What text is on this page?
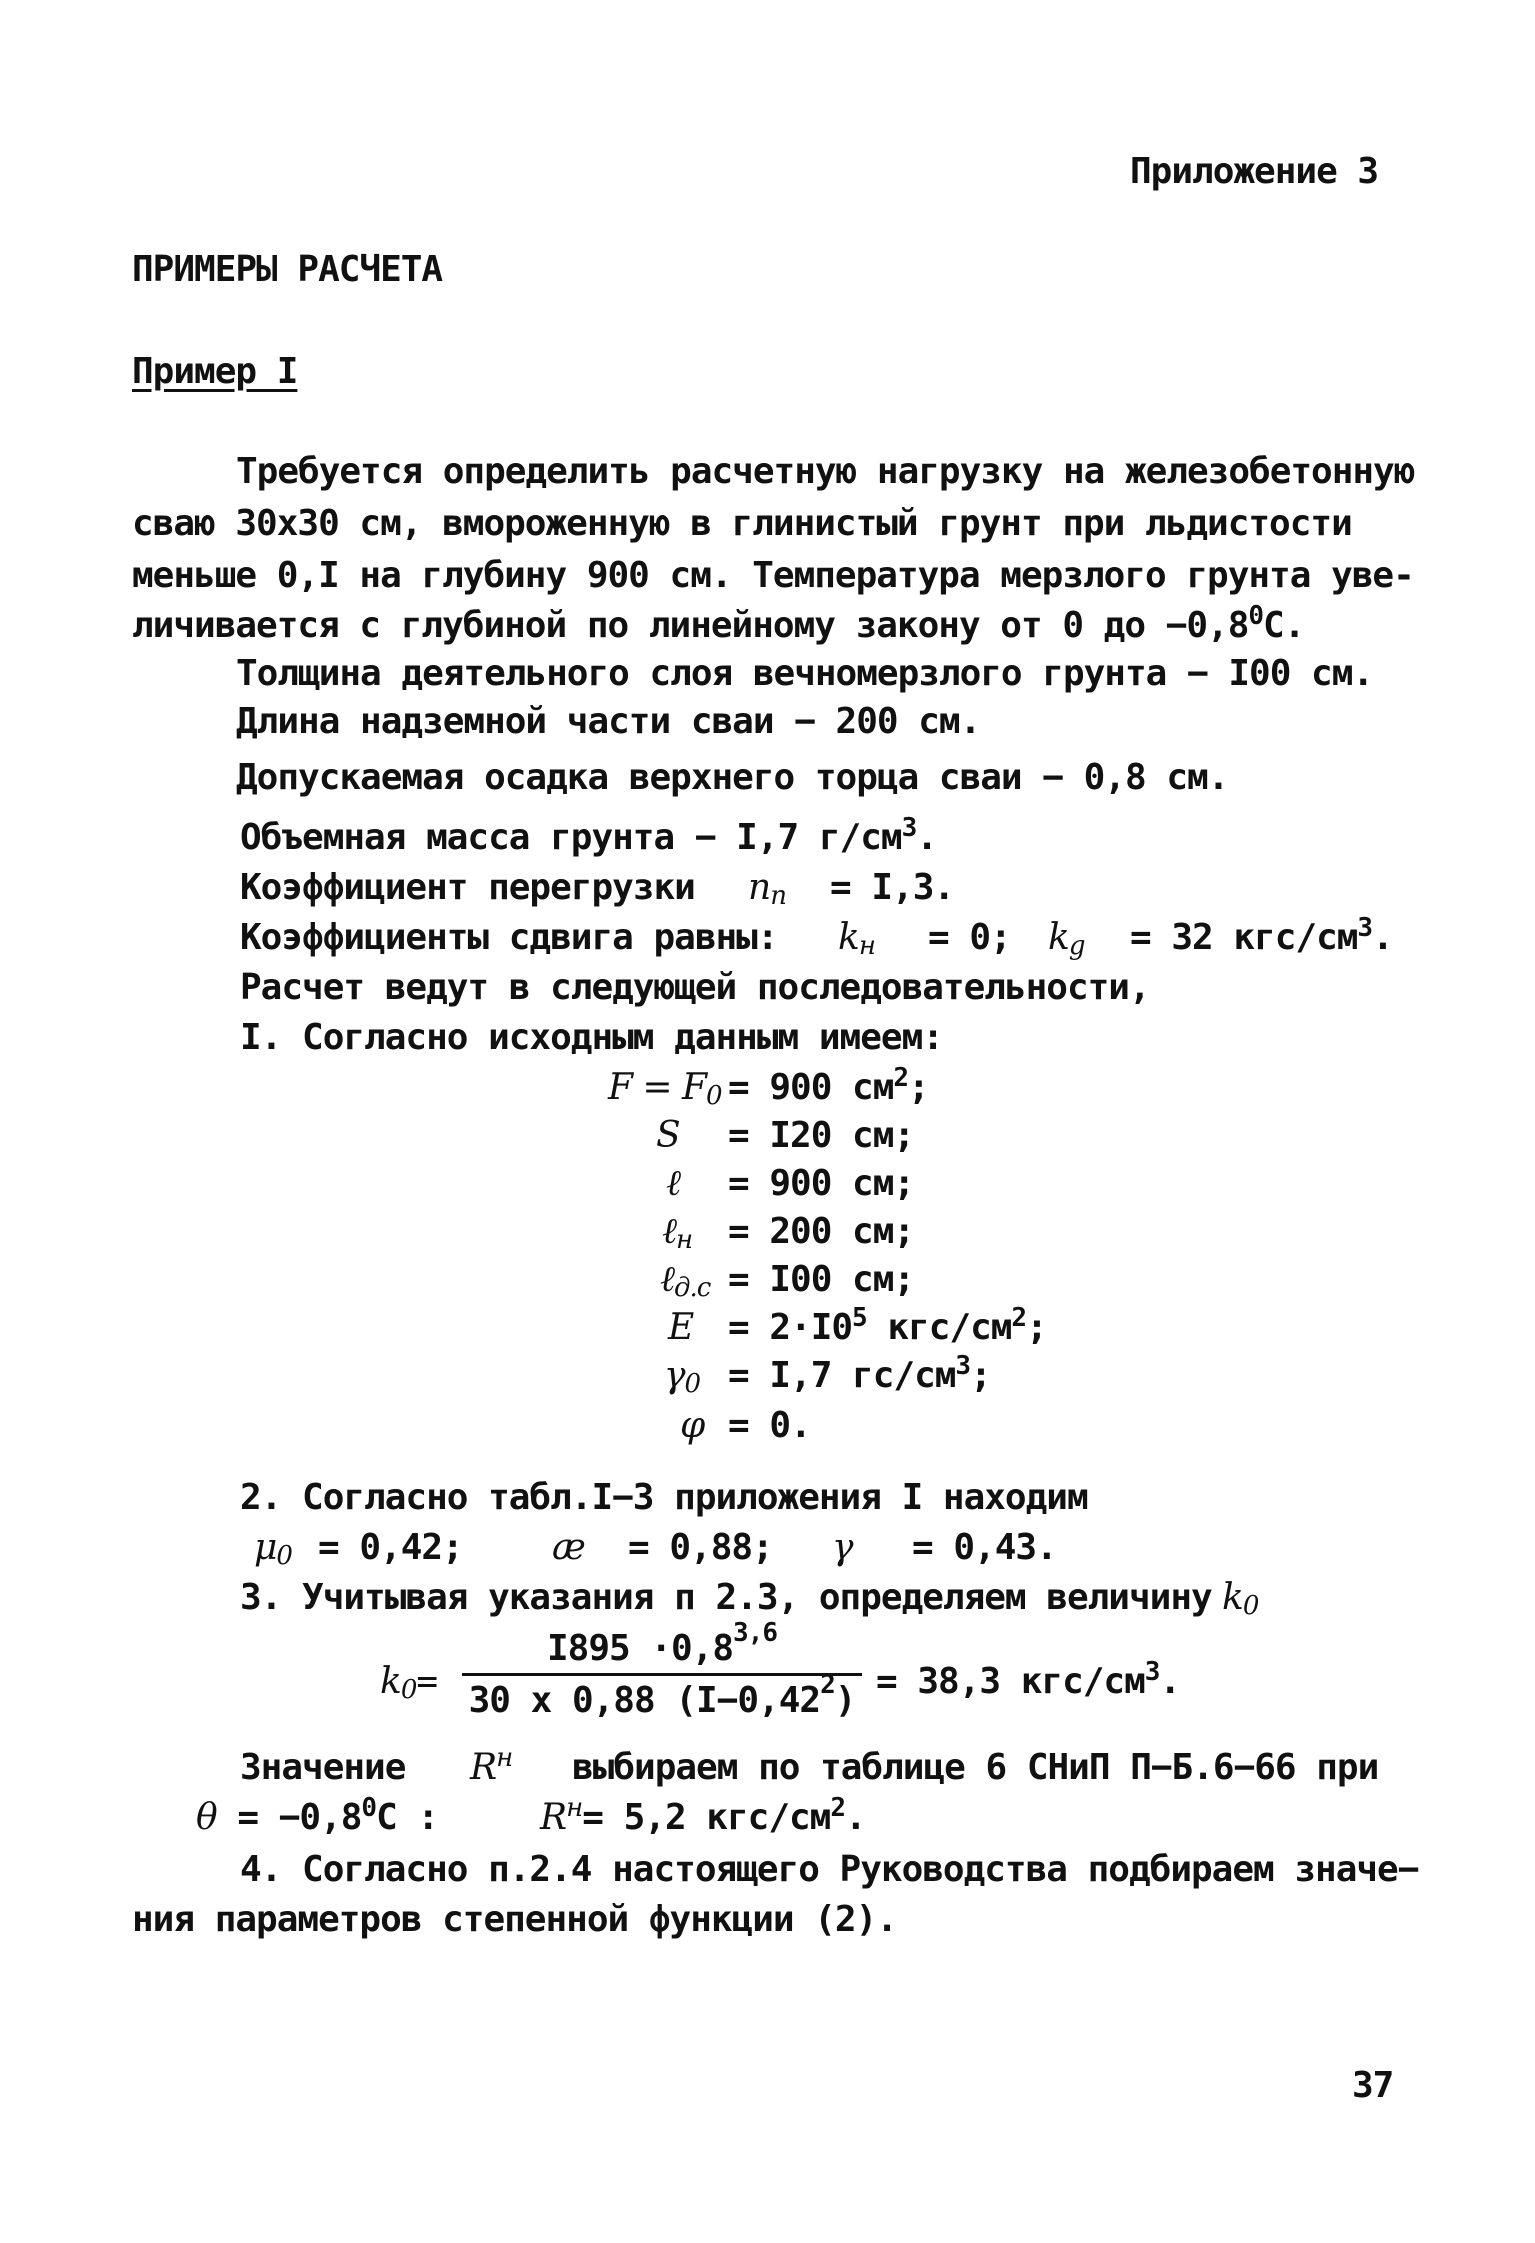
Приложение 3
ПРИМЕРЫ РАСЧЕТА
Пример I
Требуется определить расчетную нагрузку на железобетонную
сваю 30х30 см, вмороженную в глинистый грунт при льдистости
меньше 0,I на глубину 900 см. Температура мерзлого грунта уве-
личивается с глубиной по линейному закону от 0 до $-0,8^0С$.
Толщина деятельного слоя вечномерзлого грунта − I00 см.
Длина надземной части сваи − 200 см.
Допускаемая осадка верхнего торца сваи − 0,8 см.
Объемная масса грунта − I,7 $г/см^3$.
Коэффициент перегрузки $n_п = I,3$.
Коэффициенты сдвига равны: $k_н = 0$; $k_g = 32$ кгс/$см^3$.
Расчет ведут в следующей последовательности,
I. Согласно исходным данным имеем:
$F = F_0 = 900$ $см^2$;
S = I20 см;
ℓ = 900 см;
ℓ$_н$ = 200 см;
ℓ$_{д.с}$ = I00 см;
$E = 2\cdot I0^5$ кгс/$см^2$;
$\gamma_0 = I,7$ $гс/см^3$;
φ = 0.
2. Согласно табл.I−3 приложения I находим
$\mu_0 = 0,42$; æ = 0,88; γ = 0,43.
3. Учитывая указания п 2.3, определяем величину $k_0$
$k_0=$
$I895 \cdot 0,8^{3,6}$
30 х 0,88 $(I-0,42^2) = 38,3$ кгс/$см^3$.
Значение $R^н$ выбираем по таблице 6 СНиП П−Б.6−66 при
$\theta = -0,8^0С$ :	$R^н= 5,2$ кгс/$см^2$.
4. Согласно п.2.4 настоящего Руководства подбираем значе−
ния параметров степенной функции (2).
37
